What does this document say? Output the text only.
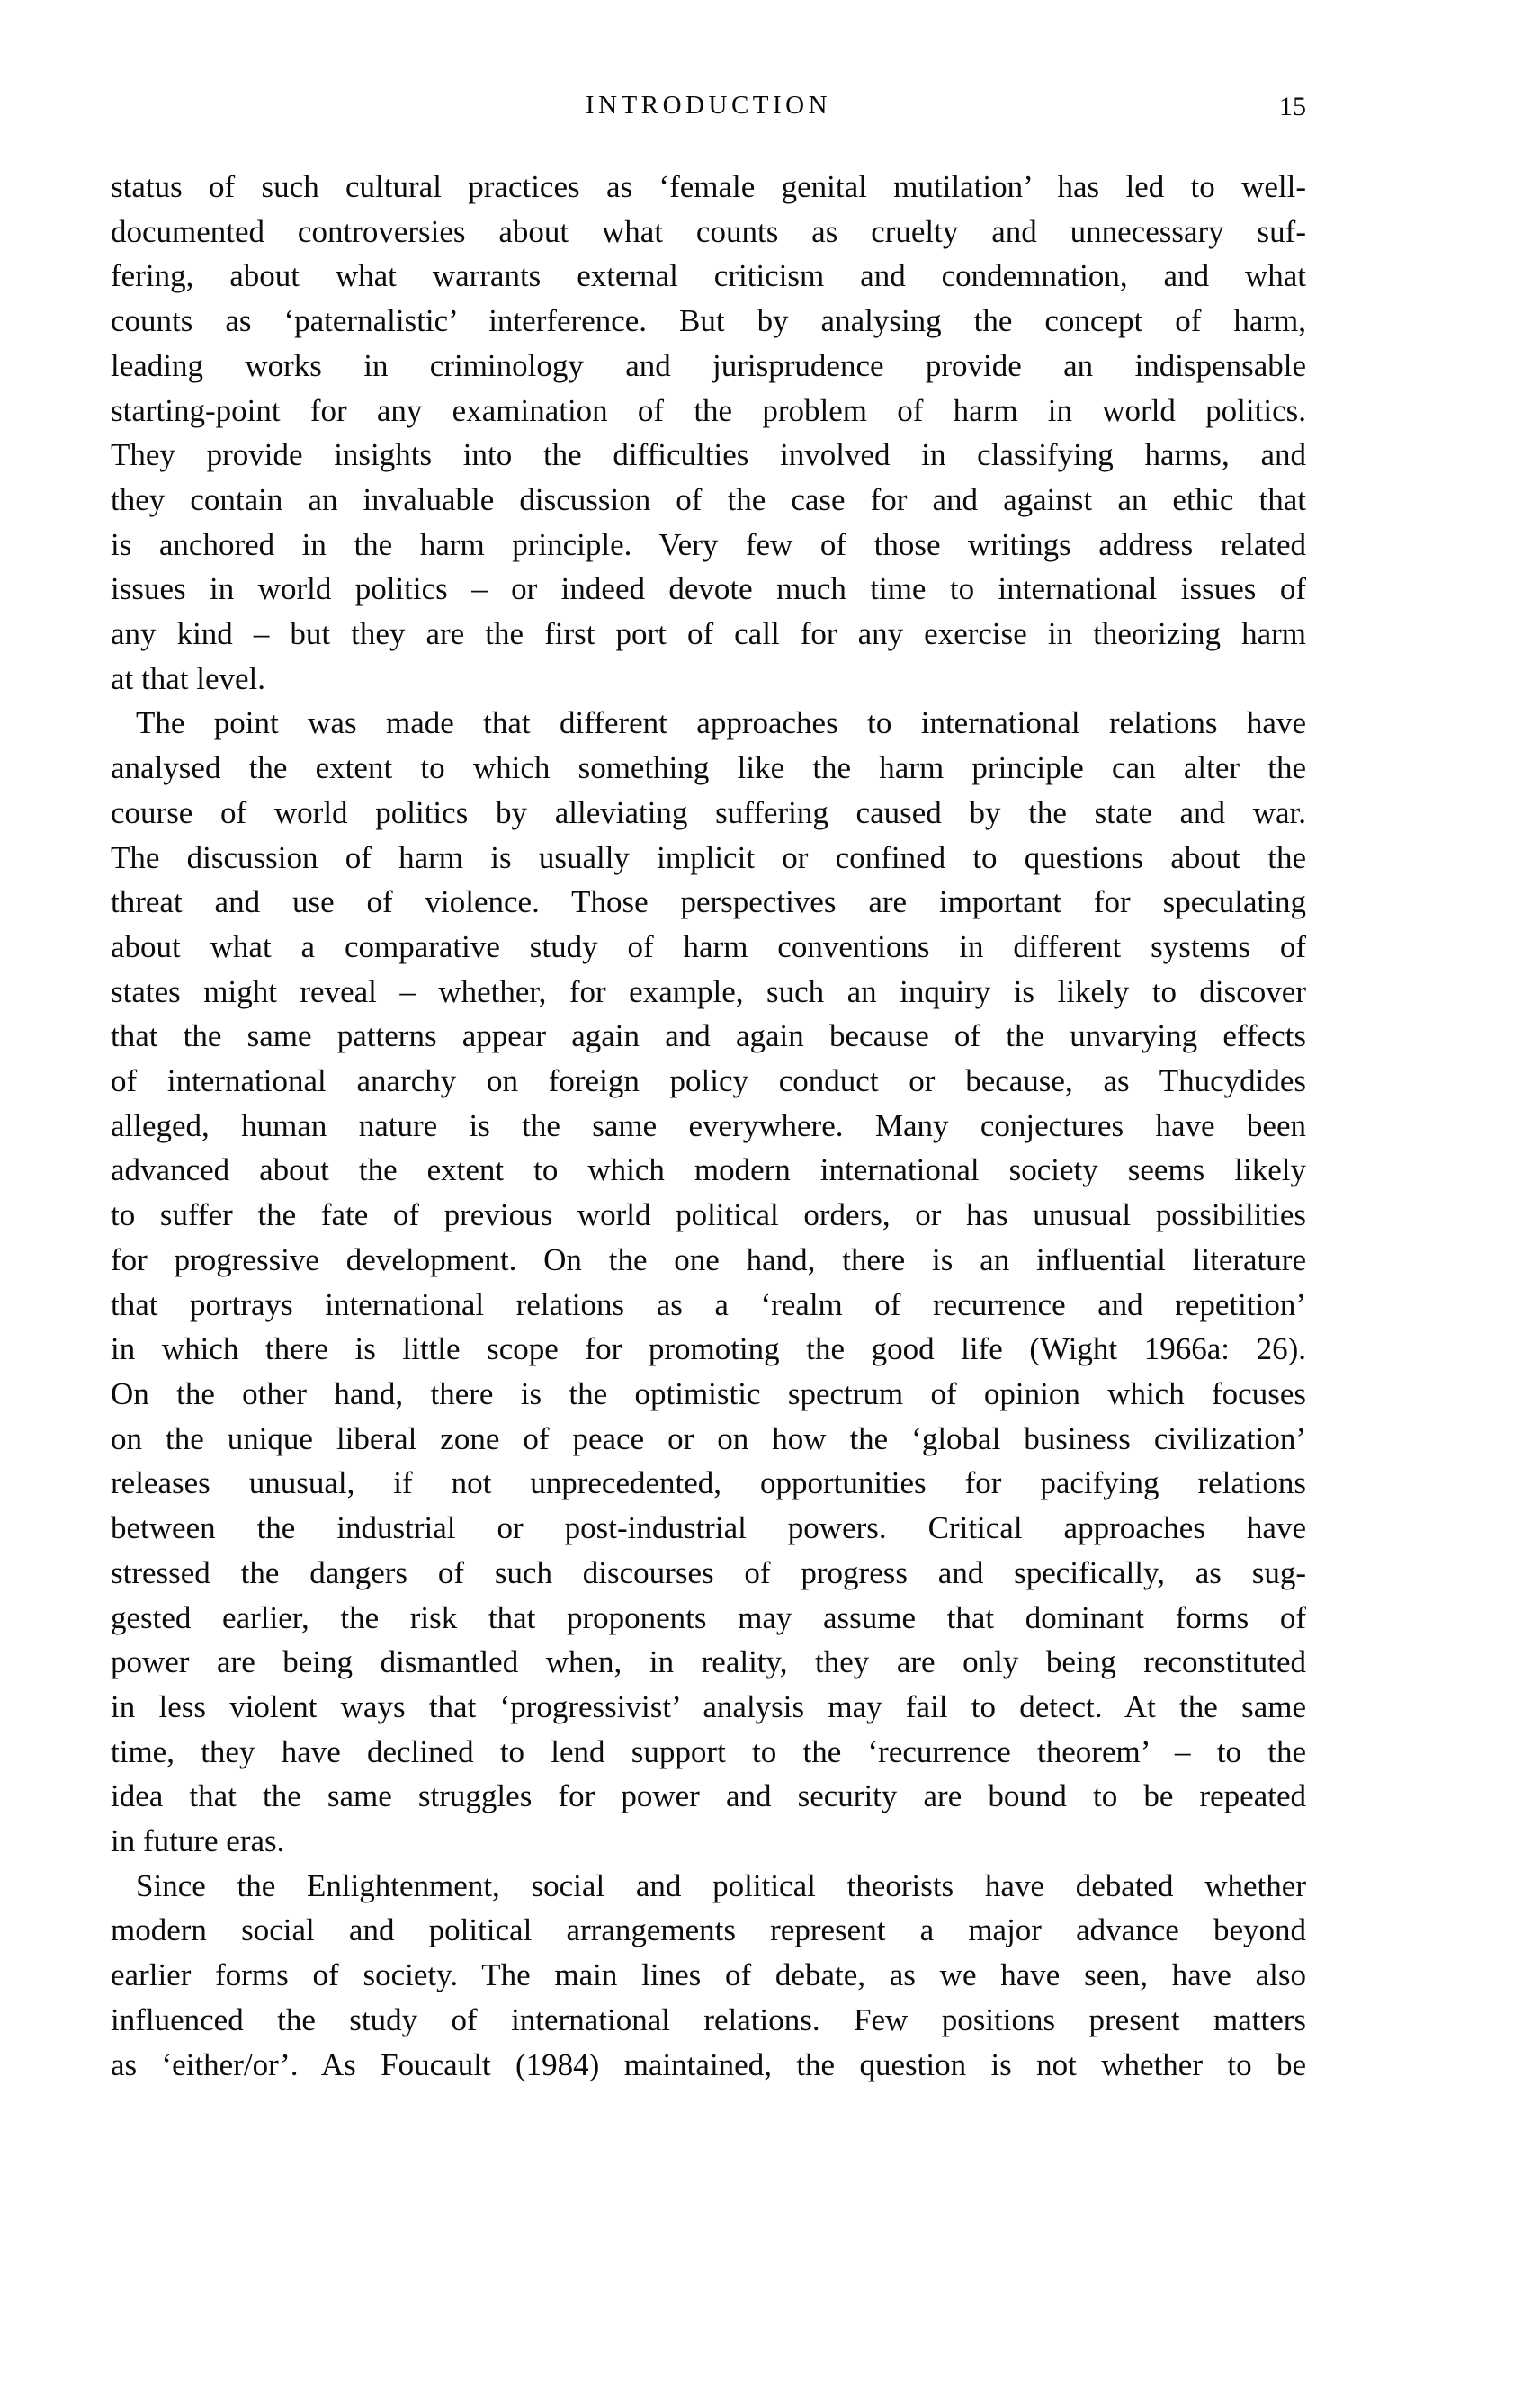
INTRODUCTION	15
status of such cultural practices as ‘female genital mutilation’ has led to well-
documented controversies about what counts as cruelty and unnecessary suf-
fering, about what warrants external criticism and condemnation, and what
counts as ‘paternalistic’ interference. But by analysing the concept of harm,
leading works in criminology and jurisprudence provide an indispensable
starting-point for any examination of the problem of harm in world politics.
They provide insights into the difficulties involved in classifying harms, and
they contain an invaluable discussion of the case for and against an ethic that
is anchored in the harm principle. Very few of those writings address related
issues in world politics – or indeed devote much time to international issues of
any kind – but they are the first port of call for any exercise in theorizing harm
at that level.
The point was made that different approaches to international relations have
analysed the extent to which something like the harm principle can alter the
course of world politics by alleviating suffering caused by the state and war.
The discussion of harm is usually implicit or confined to questions about the
threat and use of violence. Those perspectives are important for speculating
about what a comparative study of harm conventions in different systems of
states might reveal – whether, for example, such an inquiry is likely to discover
that the same patterns appear again and again because of the unvarying effects
of international anarchy on foreign policy conduct or because, as Thucydides
alleged, human nature is the same everywhere. Many conjectures have been
advanced about the extent to which modern international society seems likely
to suffer the fate of previous world political orders, or has unusual possibilities
for progressive development. On the one hand, there is an influential literature
that portrays international relations as a ‘realm of recurrence and repetition’
in which there is little scope for promoting the good life (Wight 1966a: 26).
On the other hand, there is the optimistic spectrum of opinion which focuses
on the unique liberal zone of peace or on how the ‘global business civilization’
releases unusual, if not unprecedented, opportunities for pacifying relations
between the industrial or post-industrial powers. Critical approaches have
stressed the dangers of such discourses of progress and specifically, as sug-
gested earlier, the risk that proponents may assume that dominant forms of
power are being dismantled when, in reality, they are only being reconstituted
in less violent ways that ‘progressivist’ analysis may fail to detect. At the same
time, they have declined to lend support to the ‘recurrence theorem’ – to the
idea that the same struggles for power and security are bound to be repeated
in future eras.
Since the Enlightenment, social and political theorists have debated whether
modern social and political arrangements represent a major advance beyond
earlier forms of society. The main lines of debate, as we have seen, have also
influenced the study of international relations. Few positions present matters
as ‘either/or’. As Foucault (1984) maintained, the question is not whether to be
